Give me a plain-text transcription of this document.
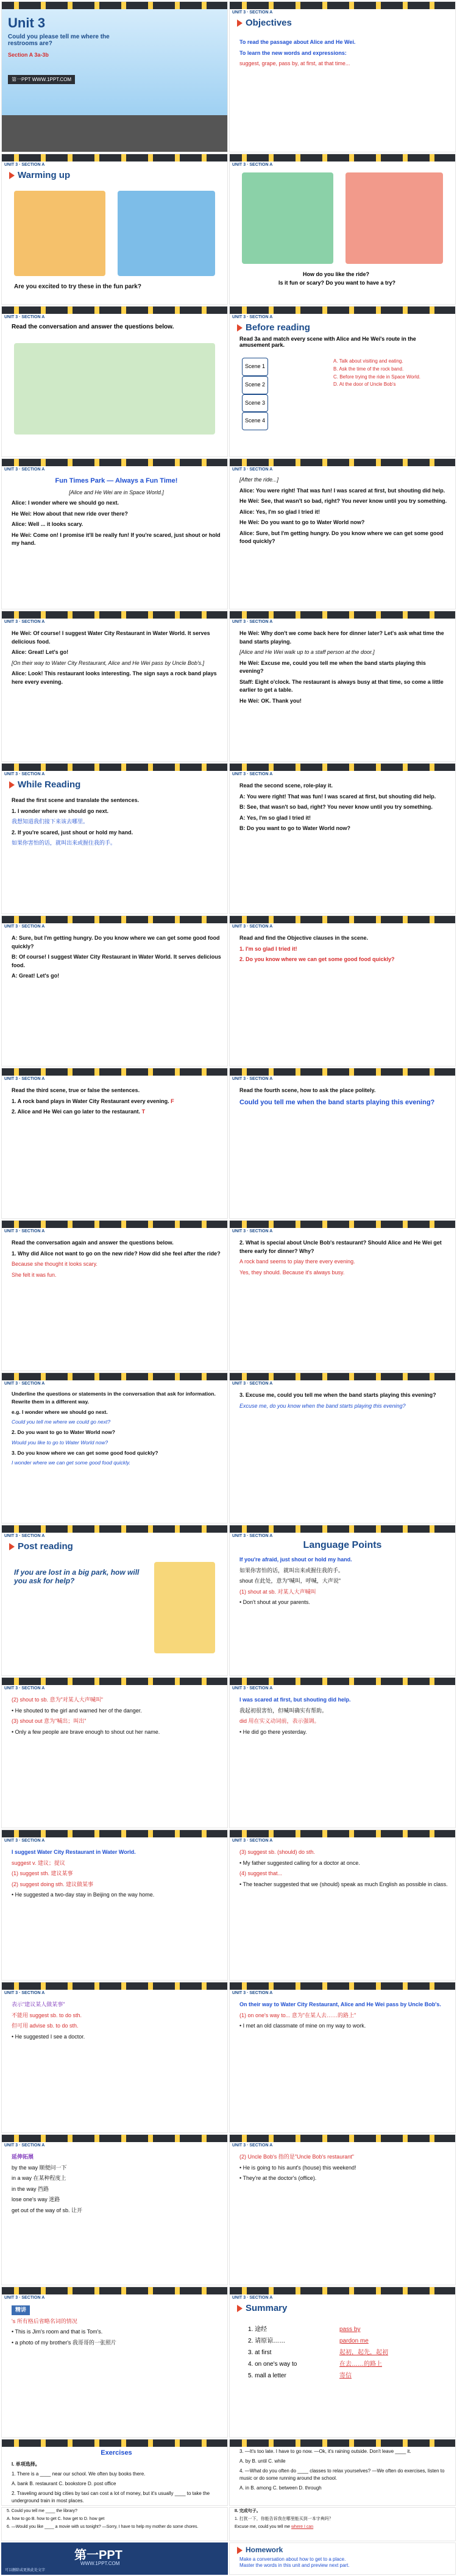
Unit 3
Could you please tell me where the restrooms are?
Section A 3a-3b
第一PPT WWW.1PPT.COM
UNIT 3 · SECTION A
Objectives

To read the passage about Alice and He Wei.

To learn the new words and expressions:

suggest, grape, pass by, at first, at that time...

UNIT 3 · SECTION A
Warming up
Are you excited to try these in the fun park?
UNIT 3 · SECTION A
How do you like the ride?
Is it fun or scary? Do you want to have a try?
UNIT 3 · SECTION A
Read the conversation and answer the questions below.
UNIT 3 · SECTION A
Before reading
Read 3a and match every scene with Alice and He Wei's route in the amusement park.
Scene 1
Scene 2
Scene 3
Scene 4
A. Talk about visiting and eating.
B. Ask the time of the rock band.
C. Before trying the ride in Space World.
D. At the door of Uncle Bob's
UNIT 3 · SECTION A

Fun Times Park — Always a Fun Time!

[Alice and He Wei are in Space World.]

Alice: I wonder where we should go next.

He Wei: How about that new ride over there?

Alice: Well ... it looks scary.

He Wei: Come on! I promise it'll be really fun! If you're scared, just shout or hold my hand.

UNIT 3 · SECTION A

[After the ride...]

Alice: You were right! That was fun! I was scared at first, but shouting did help.

He Wei: See, that wasn't so bad, right? You never know until you try something.

Alice: Yes, I'm so glad I tried it!

He Wei: Do you want to go to Water World now?

Alice: Sure, but I'm getting hungry. Do you know where we can get some good food quickly?

UNIT 3 · SECTION A

He Wei: Of course! I suggest Water City Restaurant in Water World. It serves delicious food.

Alice: Great! Let's go!

[On their way to Water City Restaurant, Alice and He Wei pass by Uncle Bob's.]

Alice: Look! This restaurant looks interesting. The sign says a rock band plays here every evening.

UNIT 3 · SECTION A

He Wei: Why don't we come back here for dinner later? Let's ask what time the band starts playing.

[Alice and He Wei walk up to a staff person at the door.]

He Wei: Excuse me, could you tell me when the band starts playing this evening?

Staff: Eight o'clock. The restaurant is always busy at that time, so come a little earlier to get a table.

He Wei: OK. Thank you!

UNIT 3 · SECTION A
While Reading

Read the first scene and translate the sentences.

1. I wonder where we should go next.

我想知道我们接下来该去哪里。

2. If you're scared, just shout or hold my hand.

如果你害怕的话，就叫出来或握住我的手。

UNIT 3 · SECTION A

Read the second scene, role-play it.

A: You were right! That was fun! I was scared at first, but shouting did help.

B: See, that wasn't so bad, right? You never know until you try something.

A: Yes, I'm so glad I tried it!

B: Do you want to go to Water World now?

UNIT 3 · SECTION A

A: Sure, but I'm getting hungry. Do you know where we can get some good food quickly?

B: Of course! I suggest Water City Restaurant in Water World. It serves delicious food.

A: Great! Let's go!

UNIT 3 · SECTION A

Read and find the Objective clauses in the scene.

1. I'm so glad I tried it!

2. Do you know where we can get some good food quickly?

UNIT 3 · SECTION A

Read the third scene, true or false the sentences.

1. A rock band plays in Water City Restaurant every evening. F

2. Alice and He Wei can go later to the restaurant. T

UNIT 3 · SECTION A

Read the fourth scene, how to ask the place politely.

Could you tell me when the band starts playing this evening?

UNIT 3 · SECTION A

Read the conversation again and answer the questions below.

1. Why did Alice not want to go on the new ride? How did she feel after the ride?

Because she thought it looks scary.

She felt it was fun.

UNIT 3 · SECTION A

2. What is special about Uncle Bob's restaurant? Should Alice and He Wei get there early for dinner? Why?

A rock band seems to play there every evening.

Yes, they should. Because it's always busy.

UNIT 3 · SECTION A

Underline the questions or statements in the conversation that ask for information. Rewrite them in a different way.

e.g. I wonder where we should go next.

Could you tell me where we could go next?

2. Do you want to go to Water World now?

Would you like to go to Water World now?

3. Do you know where we can get some good food quickly?

I wonder where we can get some good food quickly.

UNIT 3 · SECTION A

3. Excuse me, could you tell me when the band starts playing this evening?

Excuse me, do you know when the band starts playing this evening?

UNIT 3 · SECTION A
Post reading
If you are lost in a big park, how will you ask for help?
UNIT 3 · SECTION A
Language Points

If you're afraid, just shout or hold my hand.

如果你害怕的话，就叫出来或握住我的手。

shout 在此处，意为"喊叫，呼喊，大声说"

(1) shout at sb. 对某人大声喊叫

• Don't shout at your parents.

UNIT 3 · SECTION A

(2) shout to sb. 意为"对某人大声喊叫"

• He shouted to the girl and warned her of the danger.

(3) shout out 意为"喊出；叫出"

• Only a few people are brave enough to shout out her name.

UNIT 3 · SECTION A

I was scared at first, but shouting did help.

我起初很害怕，但喊叫确实有帮助。

did 用在实义动词前，表示强调。

• He did go there yesterday.

UNIT 3 · SECTION A

I suggest Water City Restaurant in Water World.

suggest v. 建议；提议

(1) suggest sth. 建议某事

(2) suggest doing sth. 建议做某事

• He suggested a two-day stay in Beijing on the way home.

UNIT 3 · SECTION A

(3) suggest sb. (should) do sth.

• My father suggested calling for a doctor at once.

(4) suggest that...

• The teacher suggested that we (should) speak as much English as possible in class.

UNIT 3 · SECTION A

表示"建议某人做某事"

不能用 suggest sb. to do sth.

但可用 advise sb. to do sth.

• He suggested I see a doctor.

UNIT 3 · SECTION A

On their way to Water City Restaurant, Alice and He Wei pass by Uncle Bob's.

(1) on one's way to... 意为"在某人去……的路上"

• I met an old classmate of mine on my way to work.

UNIT 3 · SECTION A

延伸拓展

by the way 顺便问一下

in a way 在某种程度上

in the way 挡路

lose one's way 迷路

get out of the way of sb. 让开

UNIT 3 · SECTION A

(2) Uncle Bob's 指的是"Uncle Bob's restaurant"

• He is going to his aunt's (house) this weekend!

• They're at the doctor's (office).

UNIT 3 · SECTION A

精讲

's 所有格后省略名词的情况

• This is Jim's room and that is Tom's.

• a photo of my brother's 我哥哥的一张照片

UNIT 3 · SECTION A
Summary
1. 途经
2. 请原谅……
3. at first
4. on one's way to
5. mall a letter
pass by
pardon me
起初，起先，起初
在去……的路上
寄信

Exercises

I. 单项选择。

1. There is a ____ near our school. We often buy books there.

A. bank B. restaurant C. bookstore D. post office

2. Traveling around big cities by taxi can cost a lot of money, but it's usually ____ to take the underground train in most places.

3. —It's too late. I have to go now. —Ok, it's raining outside. Don't leave ____ it.

A. by B. until C. while

4. —What do you often do ____ classes to relax yourselves? —We often do exercises, listen to music or do some running around the school.

A. in B. among C. between D. through

5. Could you tell me ____ the library?

A. how to go B. how to get C. how get to D. how get

6. —Would you like ____ a movie with us tonight? —Sorry, I have to help my mother do some chores.

II. 完成句子。

1. 打扰一下，你能告诉我在哪里能买到一本字典吗？

Excuse me, could you tell me where I can

第一PPT
WWW.1PPT.COM
可以删除或更换此处文字
Homework
Make a conversation about how to get to a place.
Master the words in this unit and preview next part.
